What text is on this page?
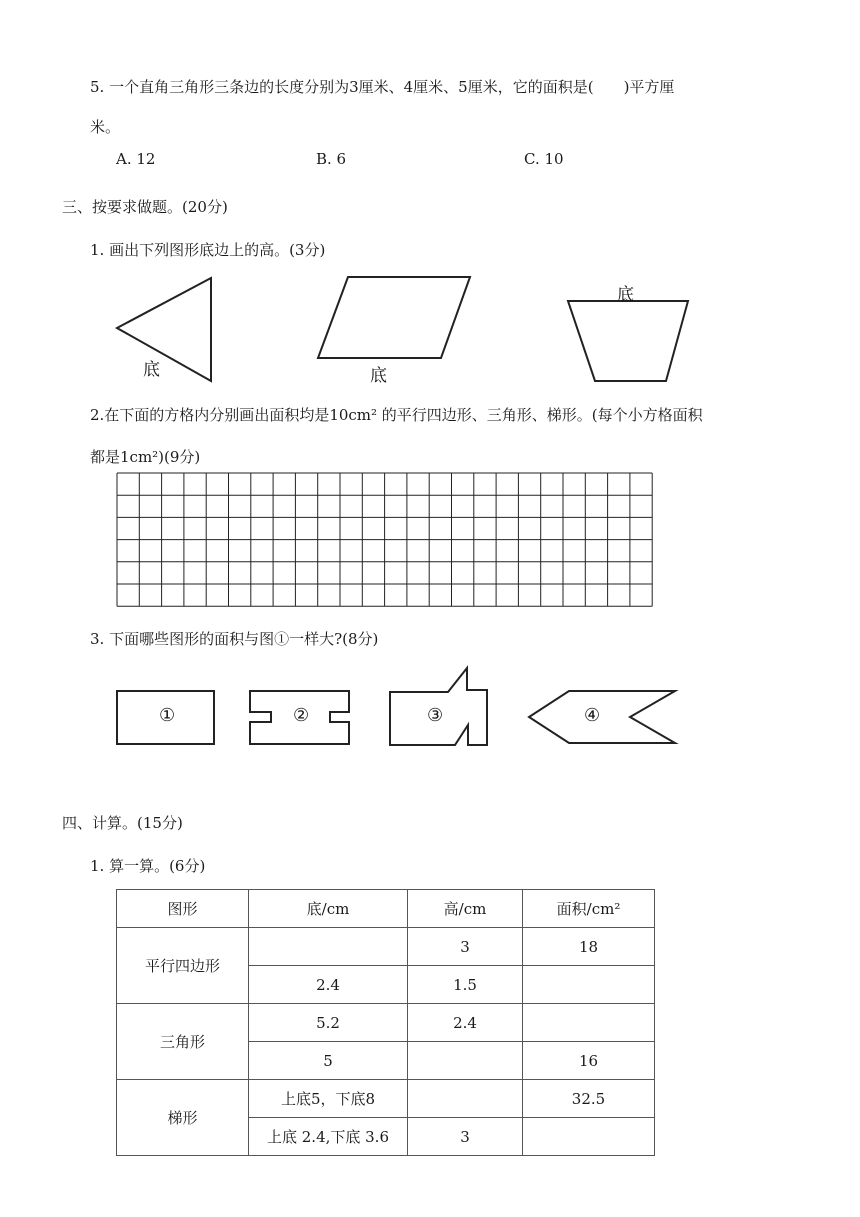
5. 一个直角三角形三条边的长度分别为3厘米、4厘米、5厘米，它的面积是(　　)平方厘
米。
A. 12	B. 6	C. 10
三、按要求做题。(20分)
1. 画出下列图形底边上的高。(3分)
底	底
底
2.在下面的方格内分别画出面积均是10cm² 的平行四边形、三角形、梯形。(每个小方格面积
都是1cm²)(9分)
3. 下面哪些图形的面积与图①一样大?(8分)
①	②	③	④
四、计算。(15分)
1. 算一算。(6分)
图形	底/cm	高/cm	面积/cm²
平行四边形		3	18
	2.4	1.5	
三角形	5.2	2.4	
	5		16
梯形	上底5，下底8		32.5
	上底 2.4,下底 3.6	3	
